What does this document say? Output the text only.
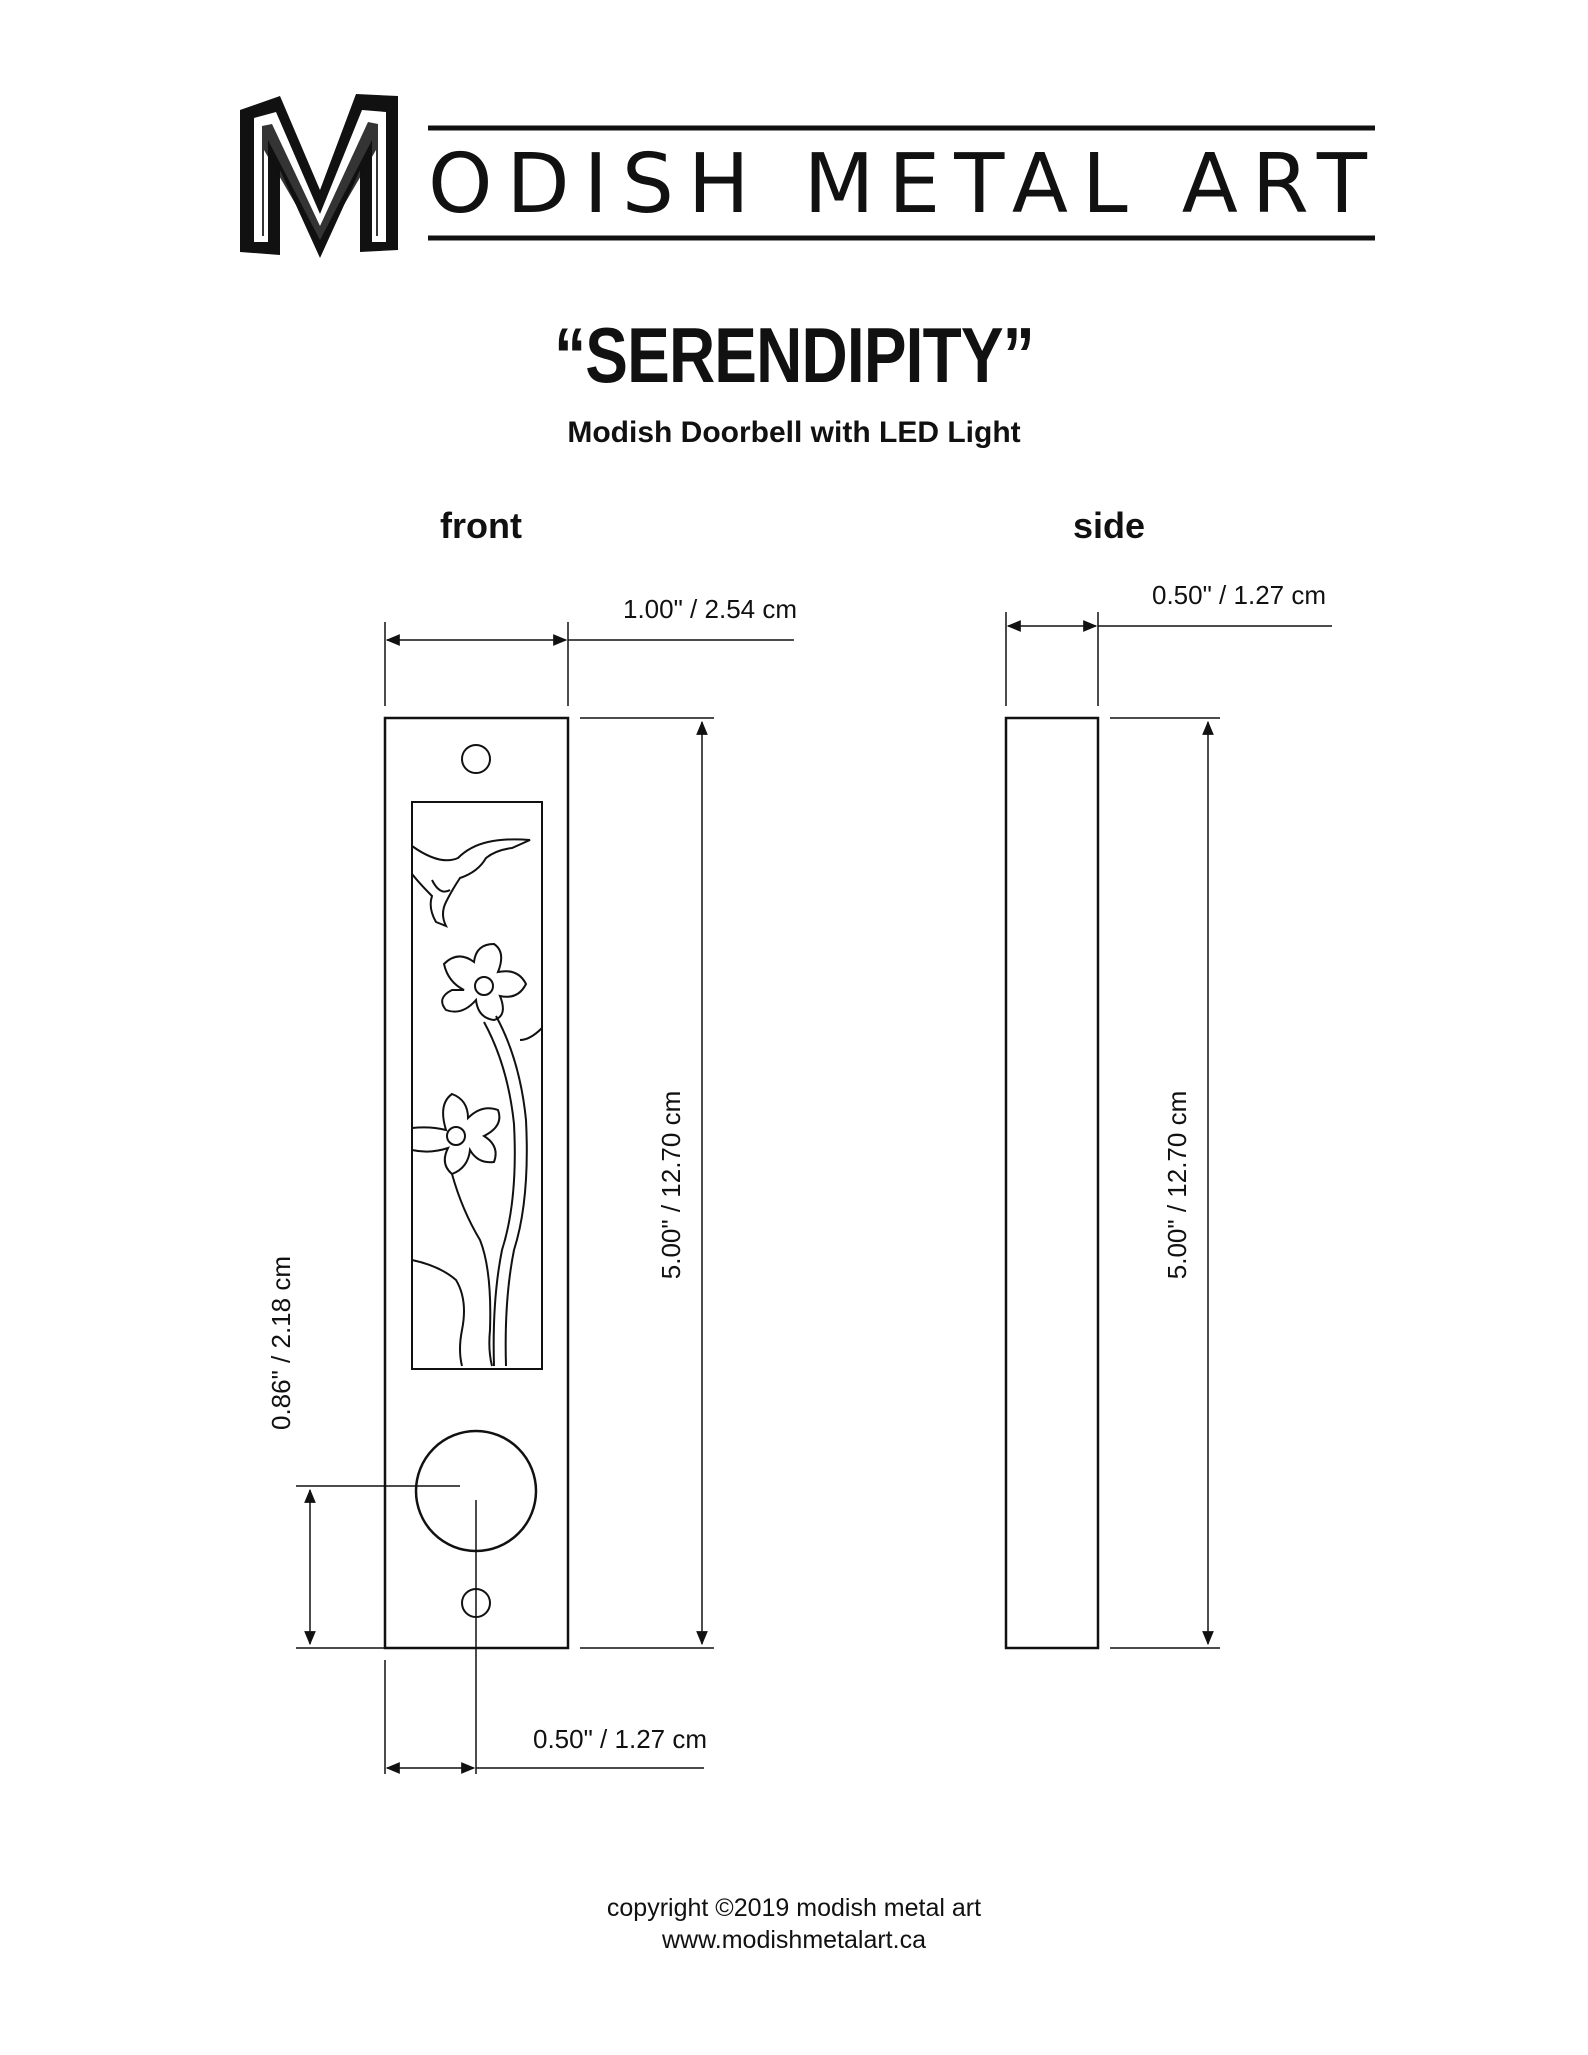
ODISH METAL ART
“SERENDIPITY”
Modish Doorbell with LED Light
front	side
1.00" / 2.54 cm	0.50" / 1.27 cm
0.50" / 1.27 cm
5.00" / 12.70 cm	5.00" / 12.70 cm
0.86" / 2.18 cm
copyright ©2019 modish metal art
www.modishmetalart.ca
